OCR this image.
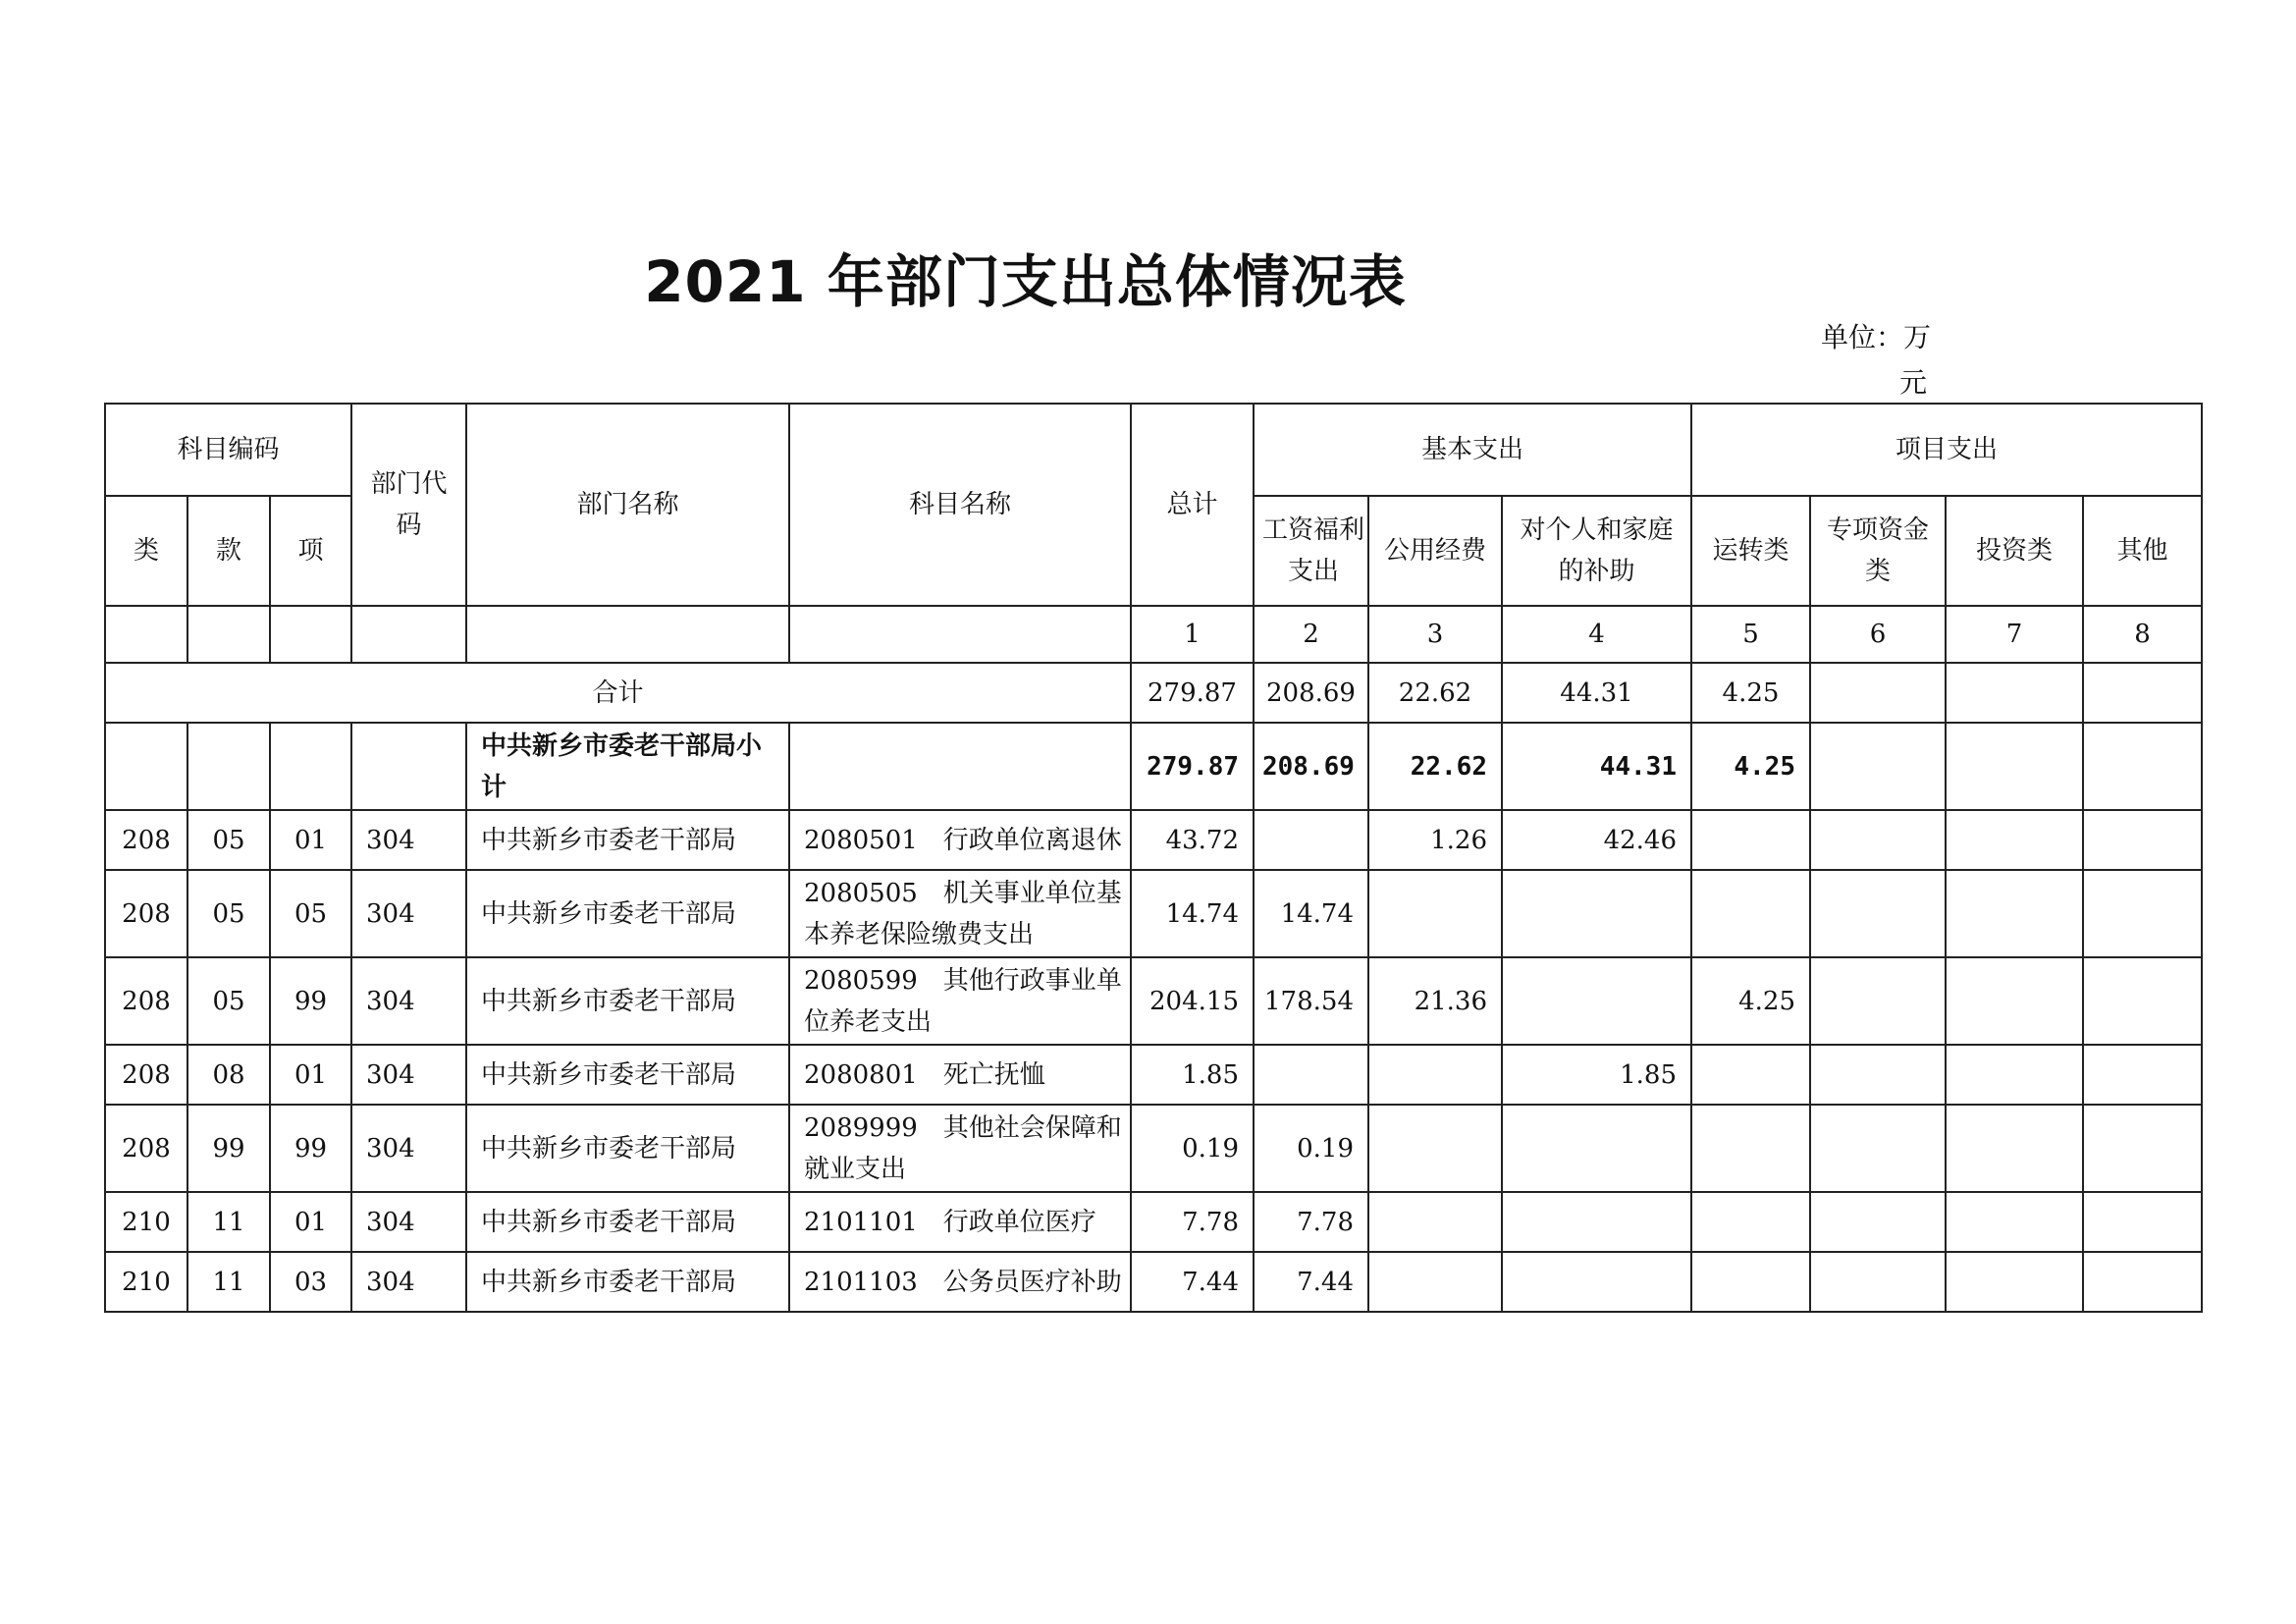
2021 年部门支出总体情况表
单位：万
元
科目编码			部门代码	部门名称	科目名称	总计	基本支出			项目支出			
类	款	项					工资福利支出	公用经费	对个人和家庭的补助	运转类	专项资金类	投资类	其他
						1	2	3	4	5	6	7	8
合计						279.87	208.69	22.62	44.31	4.25			
				中共新乡市委老干部局小计		279.87	208.69	22.62	44.31	4.25			
208	05	01	304	中共新乡市委老干部局	2080501 行政单位离退休	43.72		1.26	42.46				
208	05	05	304	中共新乡市委老干部局	2080505 机关事业单位基本养老保险缴费支出	14.74	14.74						
208	05	99	304	中共新乡市委老干部局	2080599 其他行政事业单位养老支出	204.15	178.54	21.36		4.25			
208	08	01	304	中共新乡市委老干部局	2080801 死亡抚恤	1.85			1.85				
208	99	99	304	中共新乡市委老干部局	2089999 其他社会保障和就业支出	0.19	0.19						
210	11	01	304	中共新乡市委老干部局	2101101 行政单位医疗	7.78	7.78						
210	11	03	304	中共新乡市委老干部局	2101103 公务员医疗补助	7.44	7.44						
